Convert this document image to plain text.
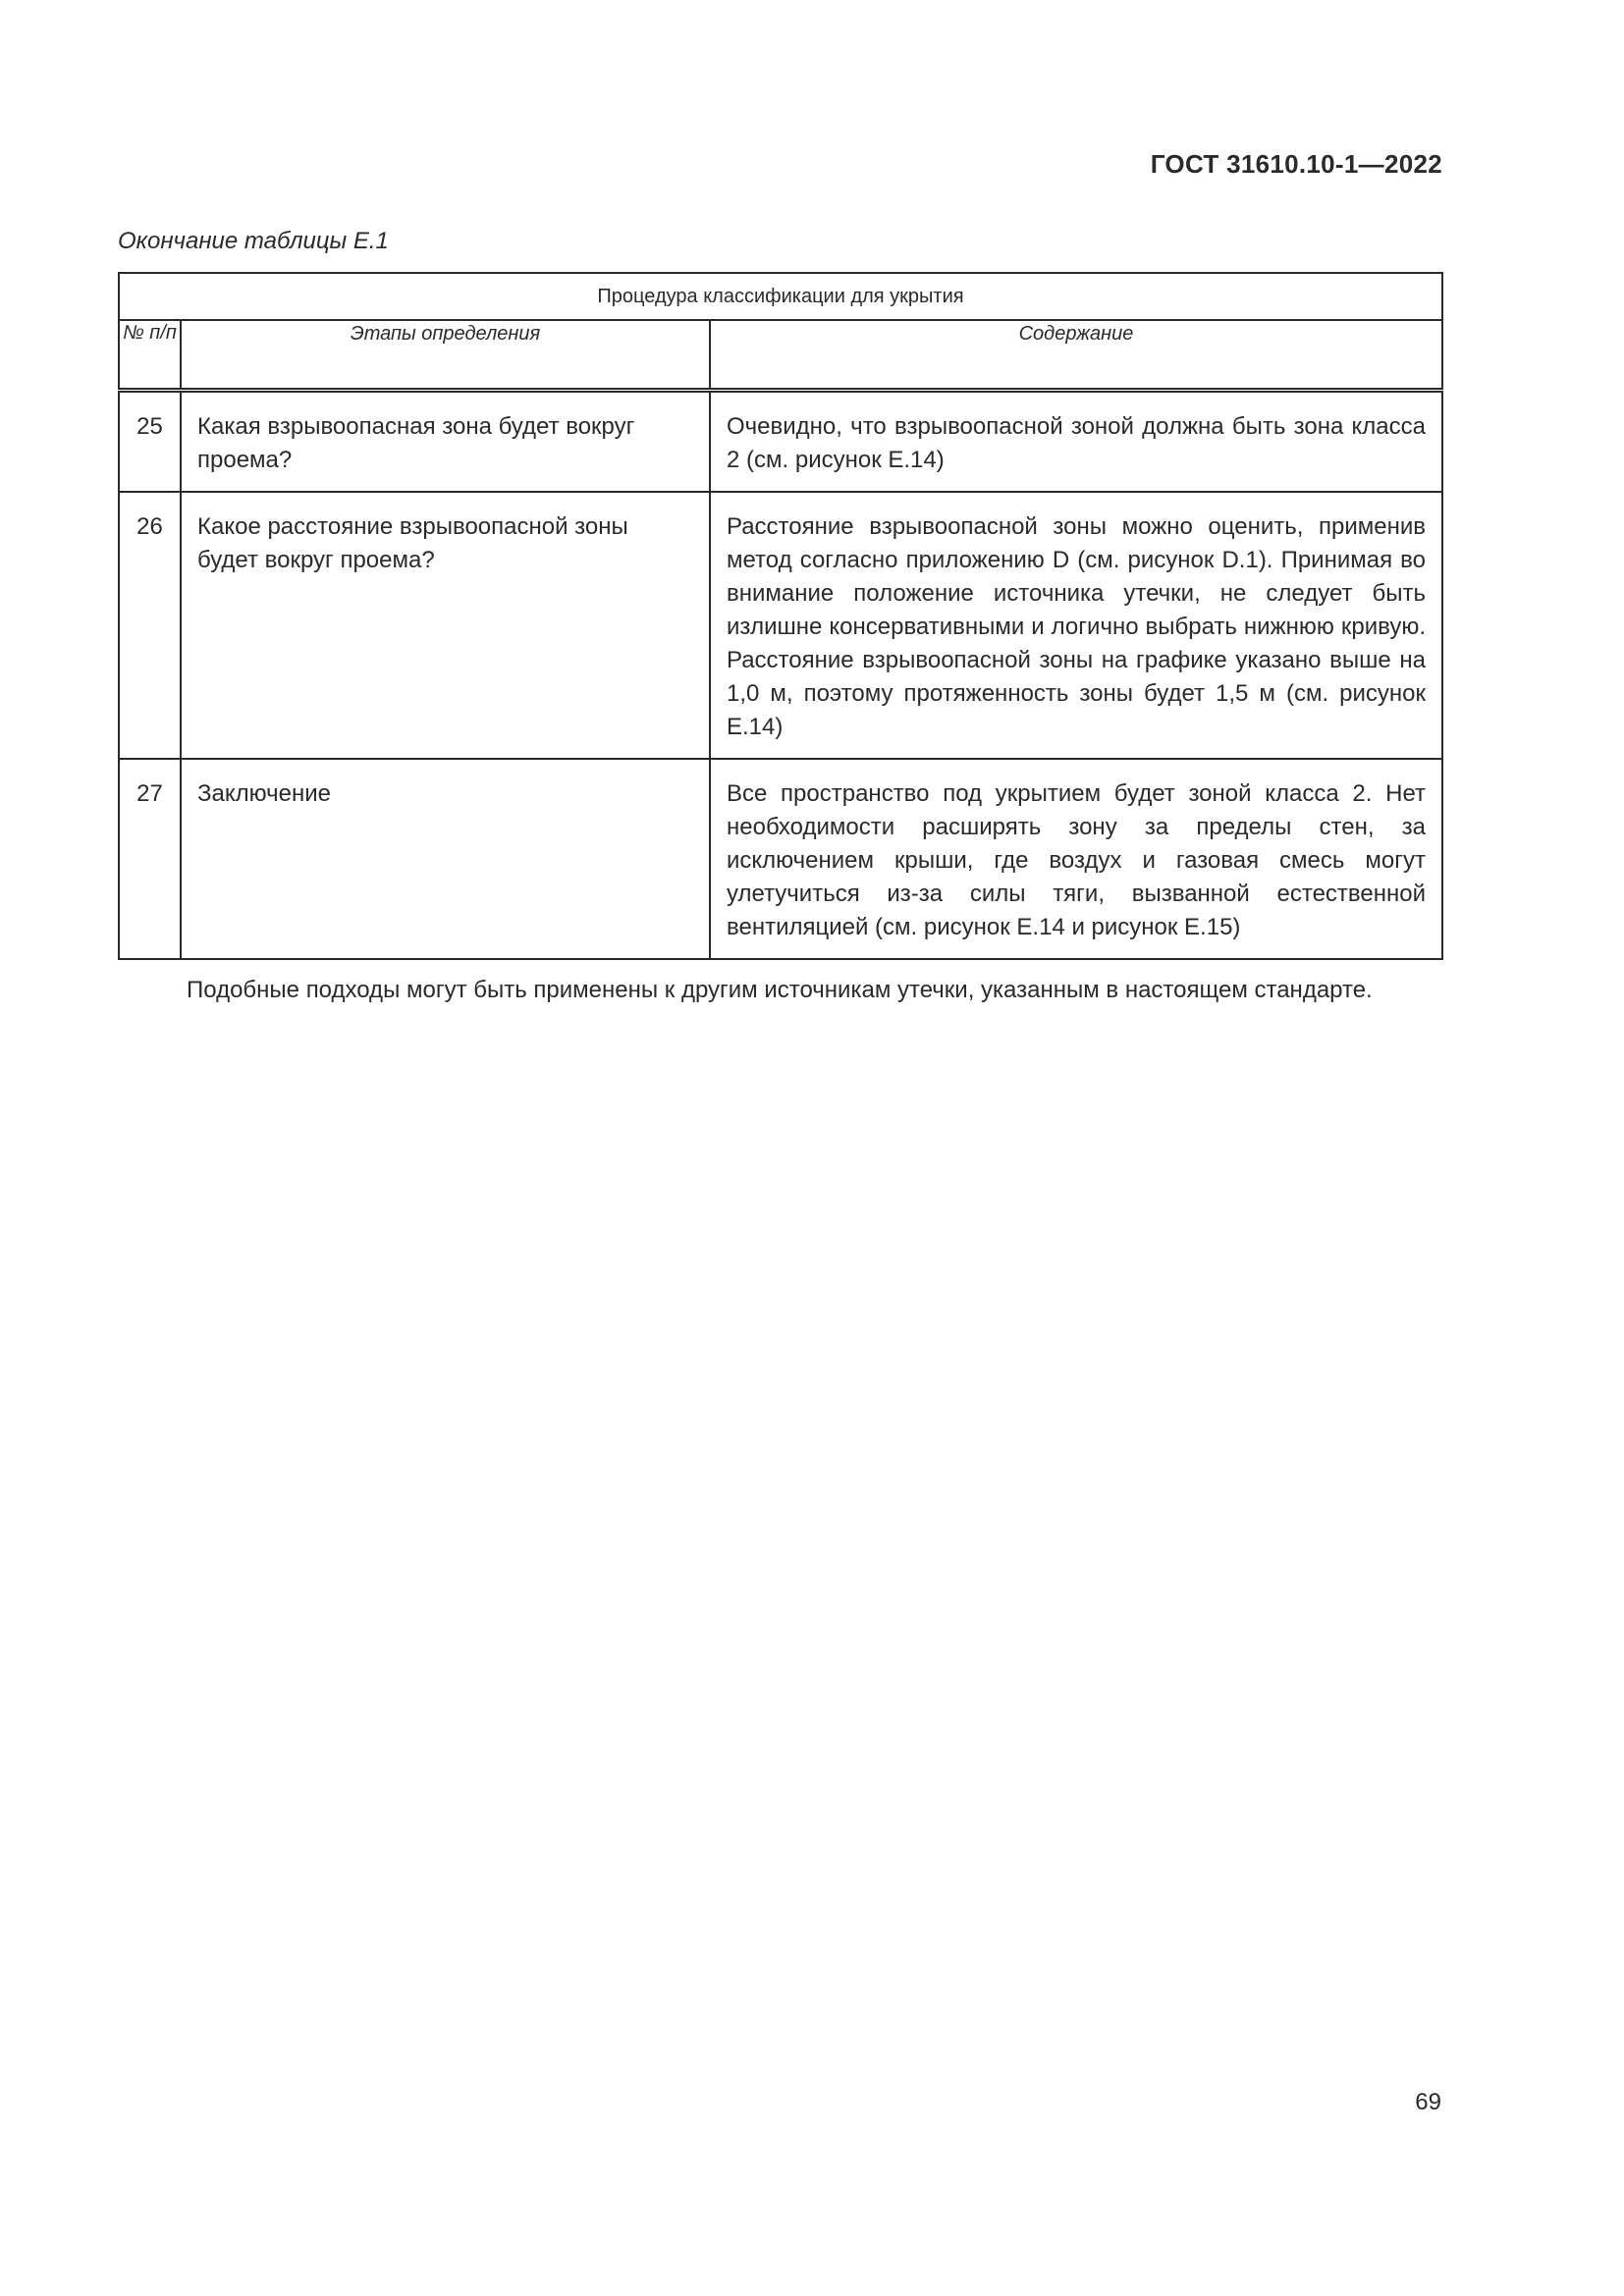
ГОСТ 31610.10-1—2022
Окончание таблицы Е.1
Процедура классификации для укрытия		
№ п/п	Этапы определения	Содержание
25	Какая взрывоопасная зона будет вокруг проема?	Очевидно, что взрывоопасной зоной должна быть зона класса 2 (см. рисунок Е.14)
26	Какое расстояние взрывоопасной зоны будет вокруг проема?	Расстояние взрывоопасной зоны можно оценить, применив метод согласно приложению D (см. рисунок D.1). Принимая во внимание положение источника утечки, не следует быть излишне консервативными и логично выбрать нижнюю кривую. Расстояние взрывоопасной зоны на графике указано выше на 1,0 м, поэтому протяженность зоны будет 1,5 м (см. рисунок Е.14)
27	Заключение	Все пространство под укрытием будет зоной класса 2. Нет необходимости расширять зону за пределы стен, за исключением крыши, где воздух и газовая смесь могут улетучиться из-за силы тяги, вызванной естественной вентиляцией (см. рисунок Е.14 и рисунок Е.15)
Подобные подходы могут быть применены к другим источникам утечки, указанным в настоящем стандарте.
69
